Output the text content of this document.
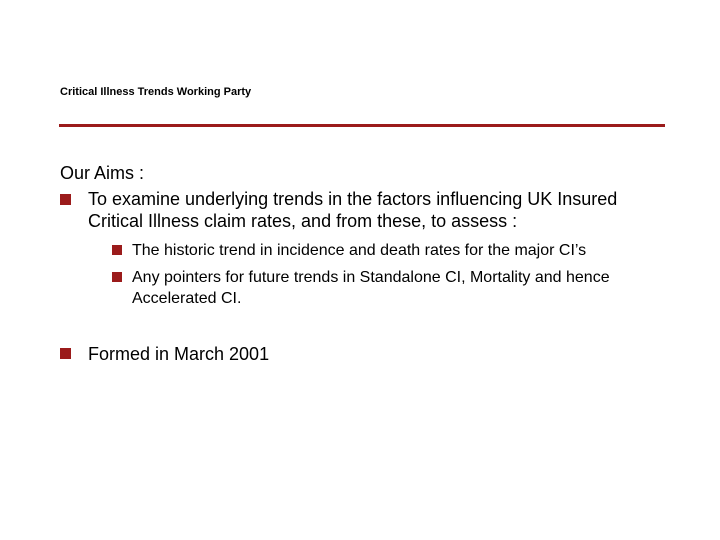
Critical Illness Trends Working Party
Our Aims :
To examine underlying trends in the factors influencing UK Insured Critical Illness claim rates, and from these, to assess :
The historic trend in incidence and death rates for the major CI’s
Any pointers for future trends in Standalone CI, Mortality and hence Accelerated CI.
Formed in March 2001
